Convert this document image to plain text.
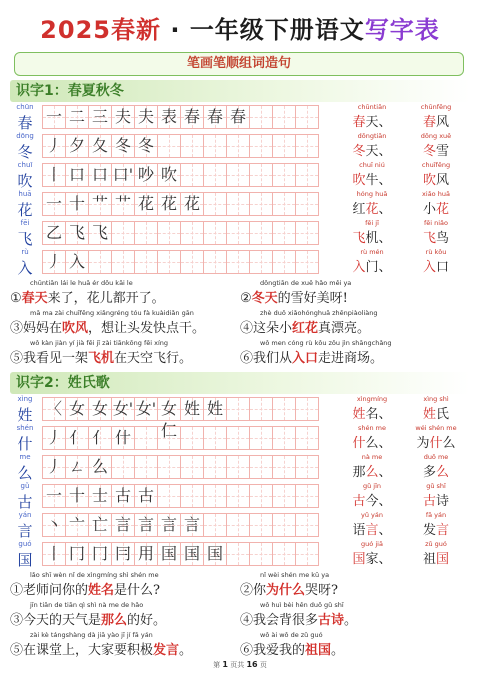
2025春新 · 一年级下册语文写字表
笔画笔顺组词造句
识字1：春夏秋冬
chūn
春 一 二 三 夫 夫 表 春 春 春	chūntiān	chūnfēng
春天、	春风
dōng
冬 丿 夕 夂 冬 冬	dōngtiān	dōng xuě
冬天、	冬雪
chuī
吹 丨 口 口 口' 吵 吹	chuī niú	chuīfēng
吹牛、	吹风
huā
花 一 十 艹 艹 花 花 花	hóng huā	xiǎo huā
红花、	小花
fēi
飞 乙 飞 飞	fēi jī	fēi niǎo
飞机、	飞鸟
rù
入 丿 入	rù mén	rù kǒu
入门、	入口
chūntiān lái le huā ér dōu kāi le
①春天来了，花儿都开了。
dōngtiān de xuě hǎo měi ya
②冬天的雪好美呀!
mā ma zài chuīfēng xiǎngréng tóu fà kuàidiǎn gān
③妈妈在吹风，想让头发快点干。
zhè duǒ xiǎohónghuā zhēnpiàoliàng
④这朵小红花真漂亮。
wǒ kàn jiàn yí jià fēi jī zài tiānkōng fēi xíng
⑤我看见一架飞机在天空飞行。
wǒ men cóng rù kǒu zǒu jìn shāngchǎng
⑥我们从入口走进商场。
识字2：姓氏歌
xìng
姓 〈 女 女 女' 女' 女仁
姓 姓	xìngmíng	xìng shì
姓名、	姓氏
shén
什 丿 亻 亻 什	shén me	wéi shén me
什么、	为什么
me
么 丿 ㄥ 么	nà me	duō me
那么、	多么
gǔ
古 一 十 士 古 古	gǔ jīn	gǔ shī
古今、	古诗
yán
言 丶 亠 亡 言 言 言 言	yǔ yán	fā yán
语言、	发言
guó
国 丨 冂 冂 冃 用 国 国 国	guó jiā	zǔ guó
国家、	祖国
lǎo shī wèn nǐ de xìngmíng shì shén me
①老师问你的姓名是什么?
nǐ wèi shén me kū ya
②你为什么哭呀?
jīn tiān de tiān qì shì nà me de hǎo
③今天的天气是那么的好。
wǒ huì bèi hěn duō gǔ shī
④我会背很多古诗。
zài kè tángshàng dà jiā yào jī jí fā yán
⑤在课堂上，大家要积极发言。
wǒ ài wǒ de zǔ guó
⑥我爱我的祖国。
第 1 页共 16 页
